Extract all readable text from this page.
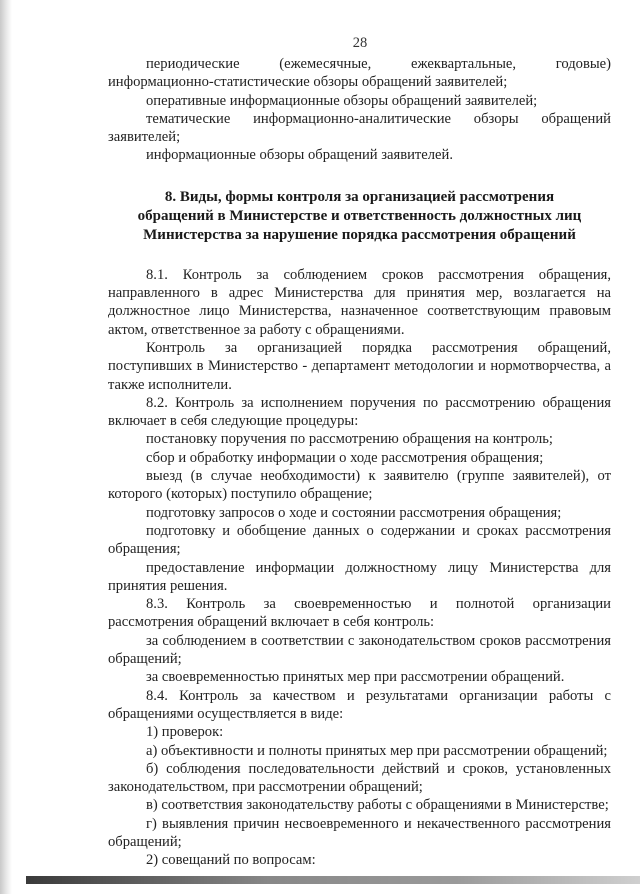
28

периодические (ежемесячные, ежеквартальные, годовые) информационно-статистические обзоры обращений заявителей;

оперативные информационные обзоры обращений заявителей;

тематические информационно-аналитические обзоры обращений заявителей;

информационные обзоры обращений заявителей.

8. Виды, формы контроля за организацией рассмотрения
обращений в Министерстве и ответственность должностных лиц
Министерства за нарушение порядка рассмотрения обращений

8.1. Контроль за соблюдением сроков рассмотрения обращения, направленного в адрес Министерства для принятия мер, возлагается на должностное лицо Министерства, назначенное соответствующим правовым актом, ответственное за работу с обращениями.

Контроль за организацией порядка рассмотрения обращений, поступивших в Министерство - департамент методологии и нормотворчества, а также исполнители.

8.2. Контроль за исполнением поручения по рассмотрению обращения включает в себя следующие процедуры:

постановку поручения по рассмотрению обращения на контроль;

сбор и обработку информации о ходе рассмотрения обращения;

выезд (в случае необходимости) к заявителю (группе заявителей), от которого (которых) поступило обращение;

подготовку запросов о ходе и состоянии рассмотрения обращения;

подготовку и обобщение данных о содержании и сроках рассмотрения обращения;

предоставление информации должностному лицу Министерства для принятия решения.

8.3. Контроль за своевременностью и полнотой организации рассмотрения обращений включает в себя контроль:

за соблюдением в соответствии с законодательством сроков рассмотрения обращений;

за своевременностью принятых мер при рассмотрении обращений.

8.4. Контроль за качеством и результатами организации работы с обращениями осуществляется в виде:

1) проверок:

а) объективности и полноты принятых мер при рассмотрении обращений;

б) соблюдения последовательности действий и сроков, установленных законодательством, при рассмотрении обращений;

в) соответствия законодательству работы с обращениями в Министерстве;

г) выявления причин несвоевременного и некачественного рассмотрения обращений;

2) совещаний по вопросам:
